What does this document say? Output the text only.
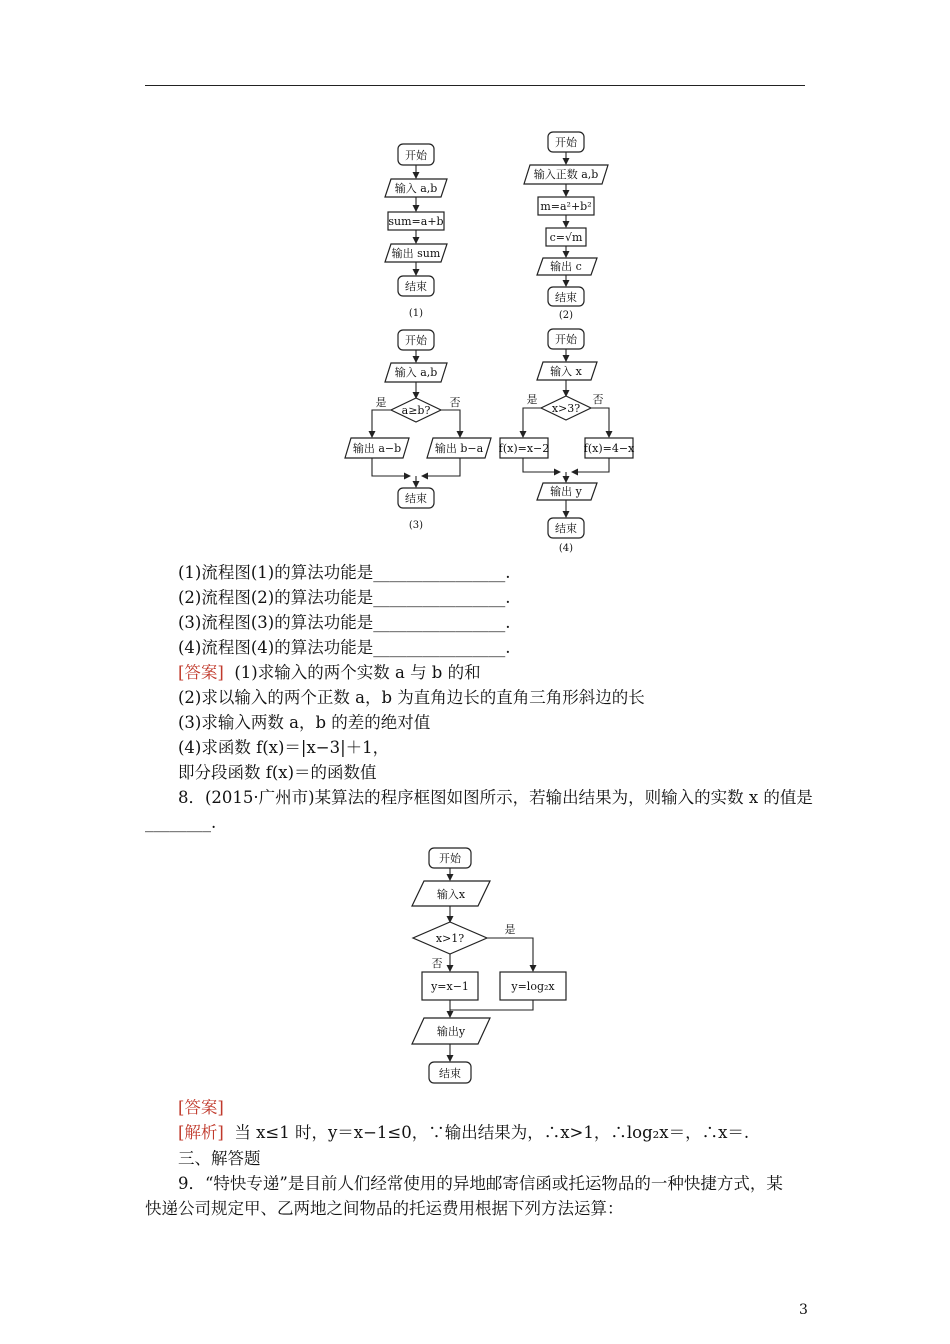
开始
输入 a,b
sum=a+b
输出 sum
结束
(1)
开始
输入正数 a,b
m=a²+b²
c=√m
输出 c
结束
(2)
开始
输入 a,b
a≥b?
是	否
输出 a−b	输出 b−a
结束
(3)
开始
输入 x
x>3?
是	否
f(x)=x−2	f(x)=4−x
输出 y
结束
(4)
开始
输入x
x>1?
是
否
y=x−1	y=log₂x
输出y
结束
(1)流程图(1)的算法功能是________________.
(2)流程图(2)的算法功能是________________.
(3)流程图(3)的算法功能是________________.
(4)流程图(4)的算法功能是________________.
[答案]  (1)求输入的两个实数 a 与 b 的和
(2)求以输入的两个正数 a，b 为直角边长的直角三角形斜边的长
(3)求输入两数 a，b 的差的绝对值
(4)求函数 f(x)＝|x−3|＋1，
即分段函数 f(x)＝的函数值
8．(2015·广州市)某算法的程序框图如图所示，若输出结果为，则输入的实数 x 的值是
________.
[答案]
[解析]  当 x≤1 时，y＝x−1≤0，∵输出结果为，∴x>1，∴log₂x＝，∴x＝.
三、解答题
9．“特快专递”是目前人们经常使用的异地邮寄信函或托运物品的一种快捷方式，某
快递公司规定甲、乙两地之间物品的托运费用根据下列方法运算：
3
